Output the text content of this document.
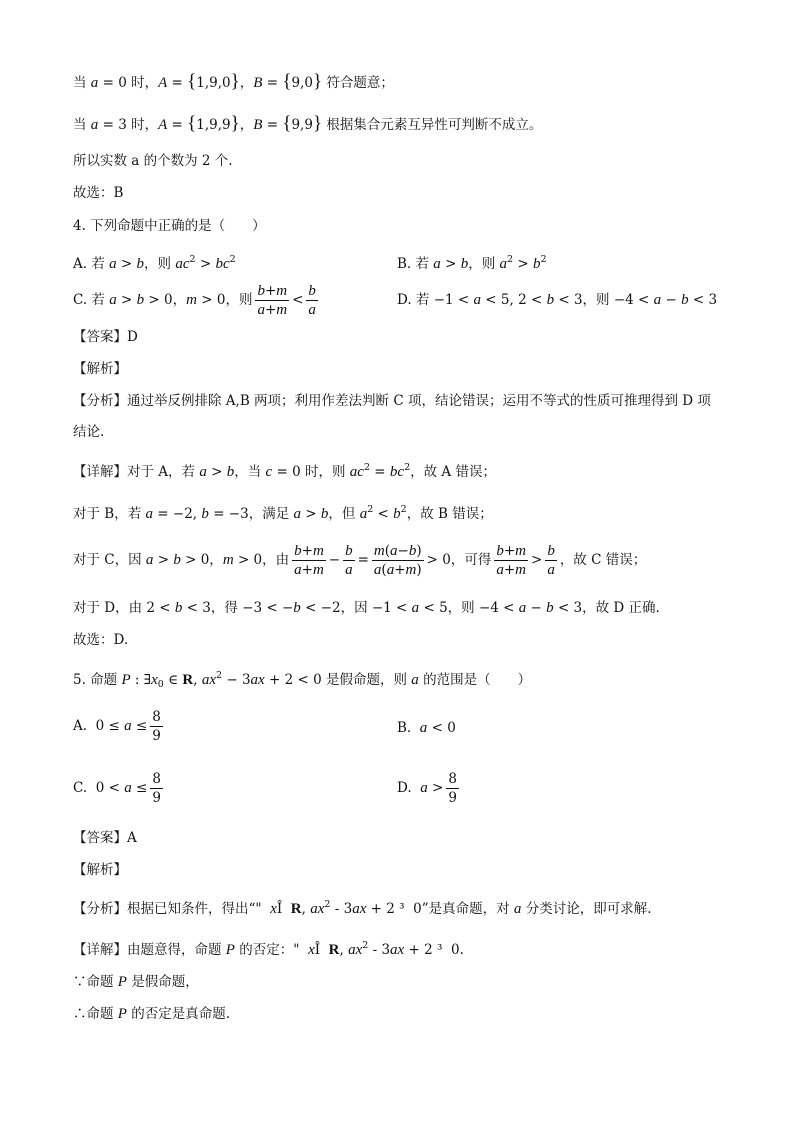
当 a = 0 时，A = {1,9,0}，B = {9,0} 符合题意；
当 a = 3 时，A = {1,9,9}，B = {9,9} 根据集合元素互异性可判断不成立。
所以实数 a 的个数为 2 个.
故选：B
4. 下列命题中正确的是（　　）
A. 若 a > b，则 $ac^2 > bc^2$	B. 若 a > b，则 $a^2 > b^2$
C. 若 a > b > 0，m > 0，则 $\frac{b+m}{a+m} < \frac{b}{a}$	D. 若 −1 < a < 5, 2 < b < 3，则 −4 < a − b < 3
【答案】D
【解析】
【分析】通过举反例排除 A,B 两项；利用作差法判断 C 项，结论错误；运用不等式的性质可推理得到 D 项
结论.
【详解】对于 A，若 a > b，当 c = 0 时，则 $ac^2 = bc^2$，故 A 错误；
对于 B，若 a = −2, b = −3，满足 a > b，但 $a^2 < b^2$，故 B 错误；
对于 C，因 a > b > 0，m > 0，由 $\frac{b+m}{a+m} - \frac{b}{a} = \frac{m(a-b)}{a(a+m)} > 0$，可得 $\frac{b+m}{a+m} > \frac{b}{a}$ ，故 C 错误；
对于 D，由 2 < b < 3，得 −3 < −b < −2，因 −1 < a < 5，则 −4 < a − b < 3，故 D 正确.
故选：D.
5. 命题 P : $\exists x_0$ ∈ R, $ax^2 - 3ax + 2 < 0$ 是假命题，则 a 的范围是（　　）
A.  $0 \le a \le \frac{8}{9}$	B.  a < 0
C.  $0 < a \le \frac{8}{9}$	D.  $a > \frac{8}{9}$
【答案】A
【解析】
【分析】根据已知条件，得出“"  xÎ  R, $ax^2 - 3ax + 2$ ³  0”是真命题，对 a 分类讨论，即可求解.
【详解】由题意得，命题 P 的否定："  xÎ  R, $ax^2 - 3ax + 2$ ³  0.
∵命题 P 是假命题，
∴命题 P 的否定是真命题.
